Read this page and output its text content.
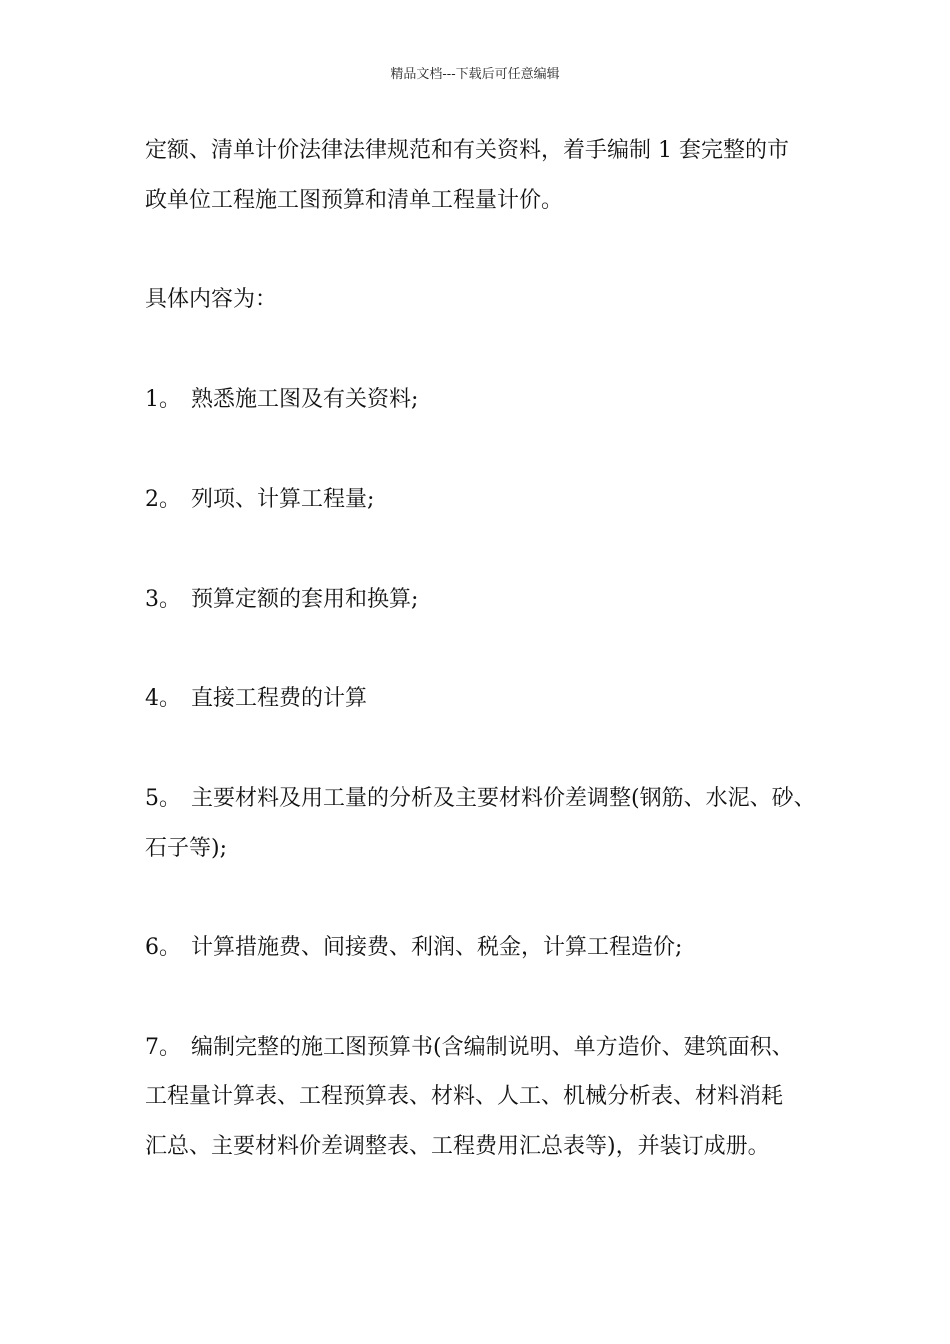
精品文档---下载后可任意编辑
定额、清单计价法律法律规范和有关资料，着手编制 1 套完整的市
政单位工程施工图预算和清单工程量计价。
具体内容为：
1。 熟悉施工图及有关资料;
2。 列项、计算工程量;
3。 预算定额的套用和换算;
4。 直接工程费的计算
5。 主要材料及用工量的分析及主要材料价差调整(钢筋、水泥、砂、
石子等);
6。 计算措施费、间接费、利润、税金，计算工程造价;
7。 编制完整的施工图预算书(含编制说明、单方造价、建筑面积、
工程量计算表、工程预算表、材料、人工、机械分析表、材料消耗
汇总、主要材料价差调整表、工程费用汇总表等)，并装订成册。
